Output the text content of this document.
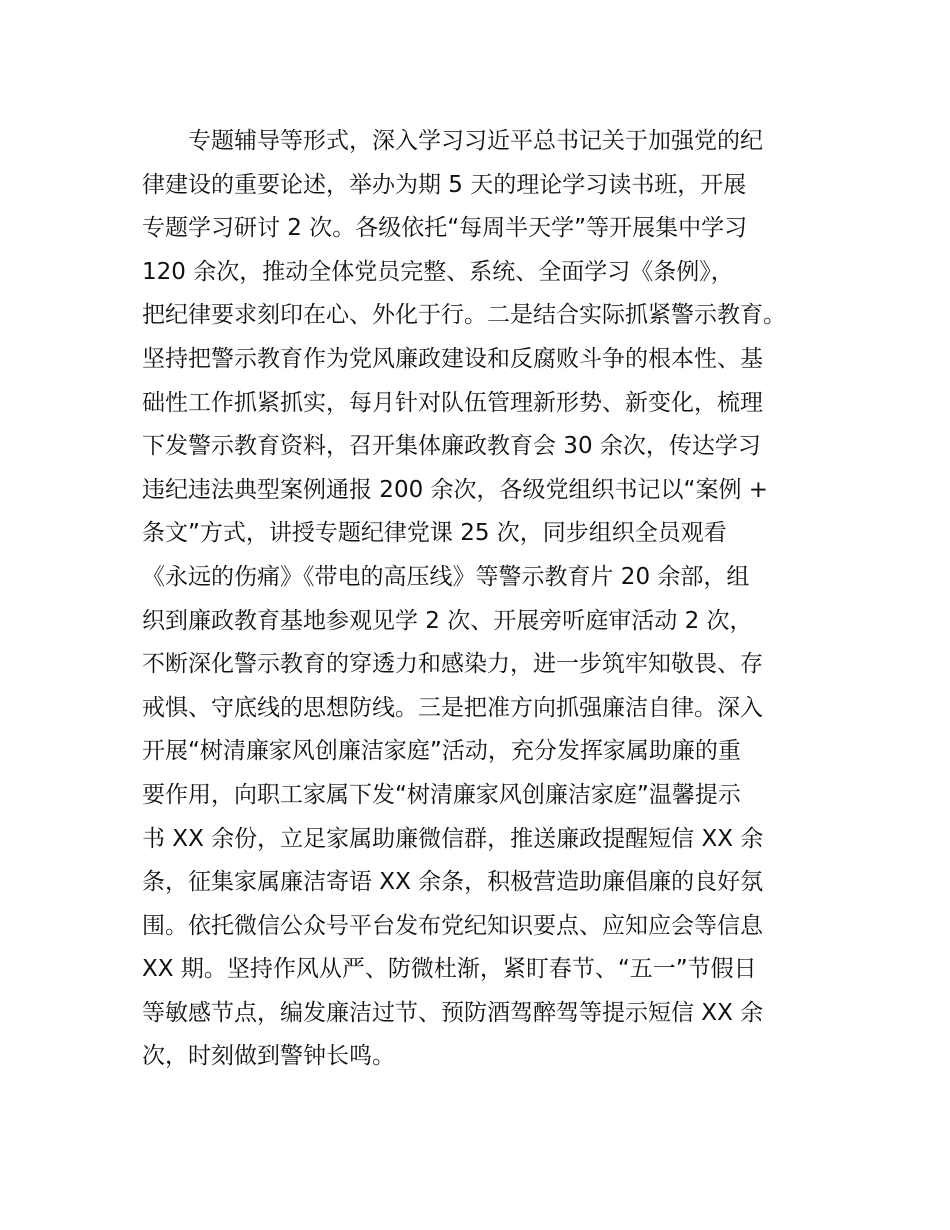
专题辅导等形式，深入学习习近平总书记关于加强党的纪
律建设的重要论述，举办为期 5 天的理论学习读书班，开展
专题学习研讨 2 次。各级依托“每周半天学”等开展集中学习
120 余次，推动全体党员完整、系统、全面学习《条例》，
把纪律要求刻印在心、外化于行。二是结合实际抓紧警示教育。
坚持把警示教育作为党风廉政建设和反腐败斗争的根本性、基
础性工作抓紧抓实，每月针对队伍管理新形势、新变化，梳理
下发警示教育资料，召开集体廉政教育会 30 余次，传达学习
违纪违法典型案例通报 200 余次，各级党组织书记以“案例 +
条文”方式，讲授专题纪律党课 25 次，同步组织全员观看
《永远的伤痛》《带电的高压线》等警示教育片 20 余部，组
织到廉政教育基地参观见学 2 次、开展旁听庭审活动 2 次，
不断深化警示教育的穿透力和感染力，进一步筑牢知敬畏、存
戒惧、守底线的思想防线。三是把准方向抓强廉洁自律。深入
开展“树清廉家风创廉洁家庭”活动，充分发挥家属助廉的重
要作用，向职工家属下发“树清廉家风创廉洁家庭”温馨提示
书 XX 余份，立足家属助廉微信群，推送廉政提醒短信 XX 余
条，征集家属廉洁寄语 XX 余条，积极营造助廉倡廉的良好氛
围。依托微信公众号平台发布党纪知识要点、应知应会等信息
XX 期。坚持作风从严、防微杜渐，紧盯春节、“五一”节假日
等敏感节点，编发廉洁过节、预防酒驾醉驾等提示短信 XX 余
次，时刻做到警钟长鸣。
